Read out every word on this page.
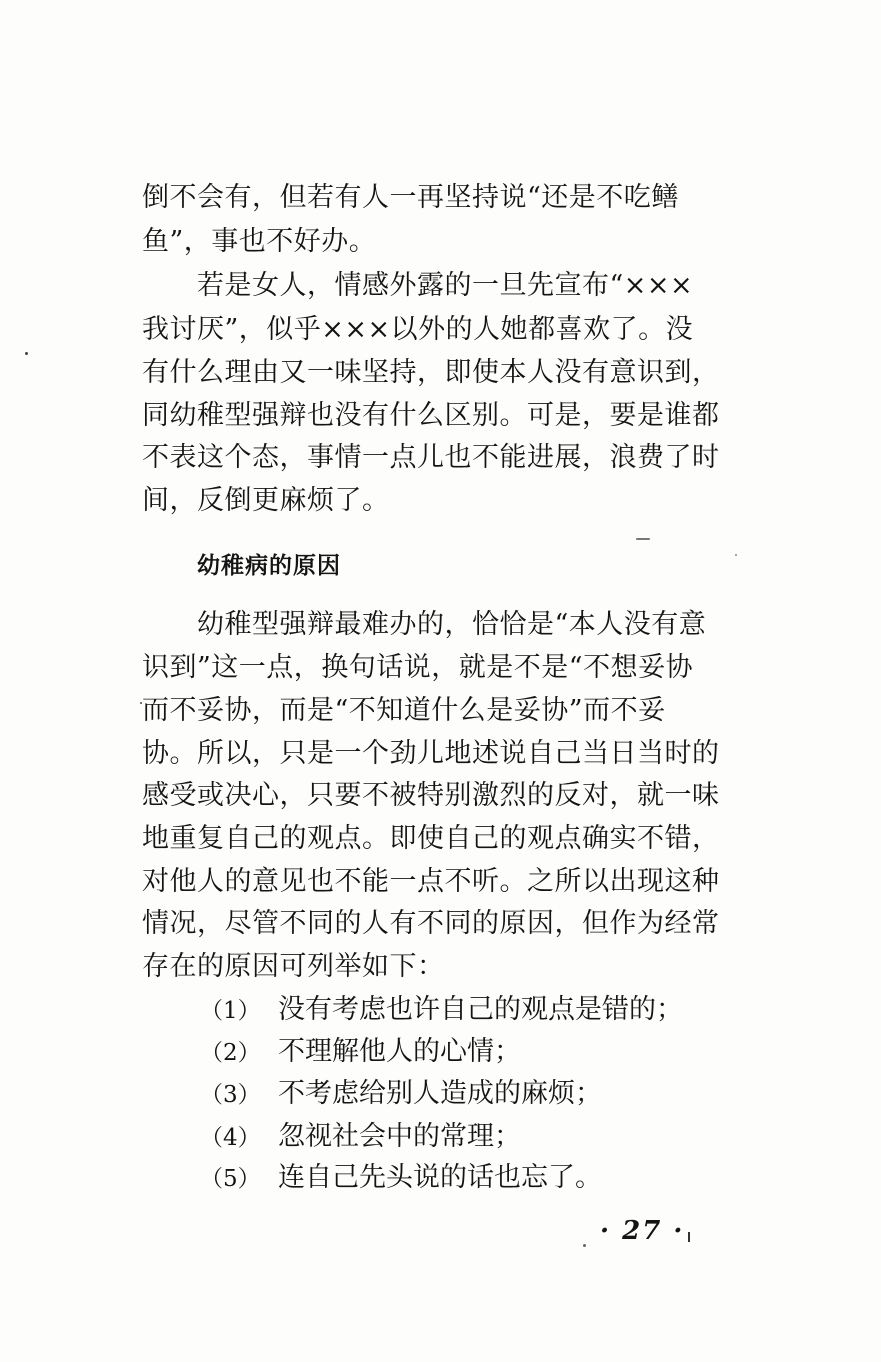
倒不会有，但若有人一再坚持说“还是不吃鳝
鱼”，事也不好办。
　　若是女人，情感外露的一旦先宣布“×××
我讨厌”，似乎×××以外的人她都喜欢了。没
有什么理由又一味坚持，即使本人没有意识到，
同幼稚型强辩也没有什么区别。可是，要是谁都
不表这个态，事情一点儿也不能进展，浪费了时
间，反倒更麻烦了。
幼稚病的原因
　　幼稚型强辩最难办的，恰恰是“本人没有意
识到”这一点，换句话说，就是不是“不想妥协
而不妥协，而是“不知道什么是妥协”而不妥
协。所以，只是一个劲儿地述说自己当日当时的
感受或决心，只要不被特别激烈的反对，就一味
地重复自己的观点。即使自己的观点确实不错，
对他人的意见也不能一点不听。之所以出现这种
情况，尽管不同的人有不同的原因，但作为经常
存在的原因可列举如下：
（1） 没有考虑也许自己的观点是错的；
（2） 不理解他人的心情；
（3） 不考虑给别人造成的麻烦；
（4） 忽视社会中的常理；
（5） 连自己先头说的话也忘了。
· 27 ·
